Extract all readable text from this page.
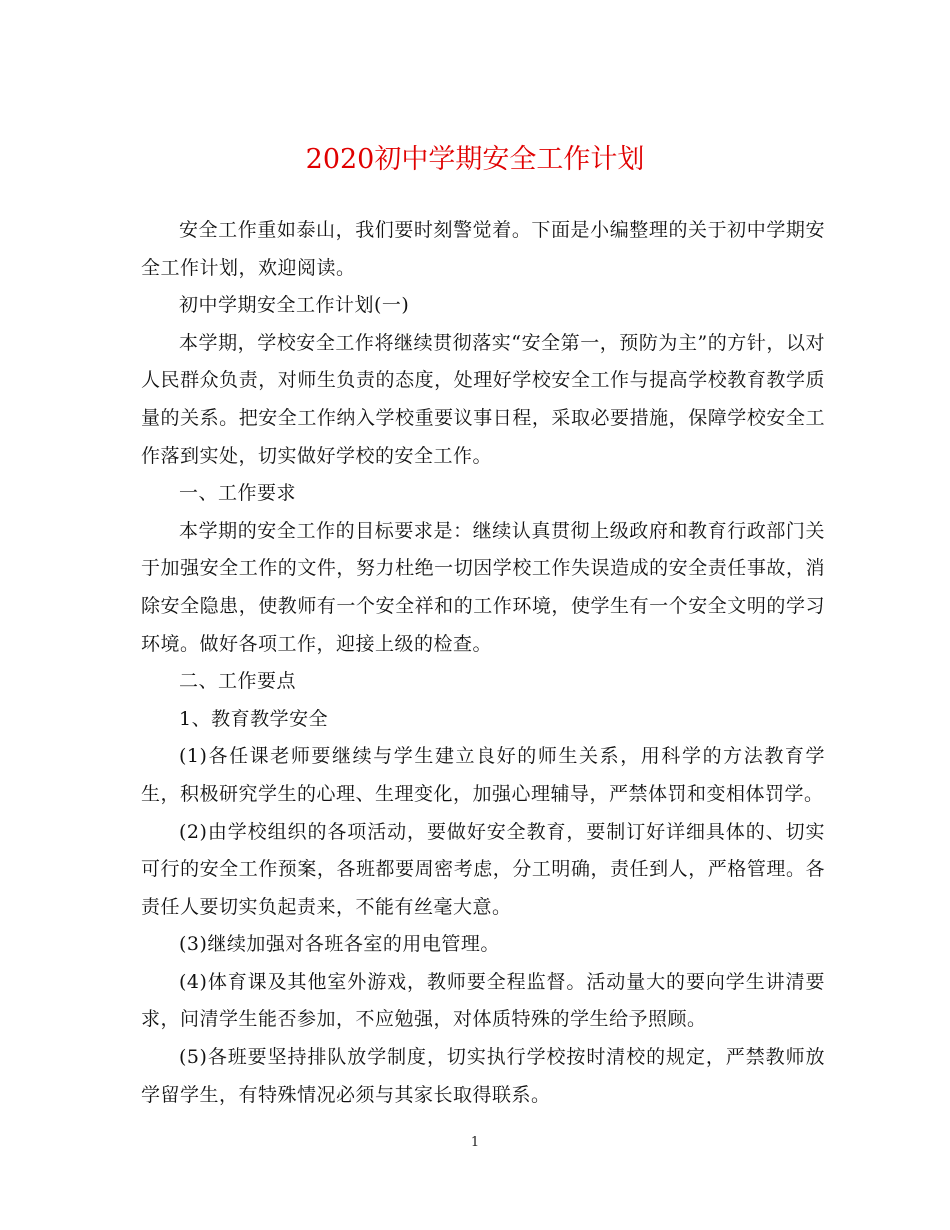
2020初中学期安全工作计划

安全工作重如泰山，我们要时刻警觉着。下面是小编整理的关于初中学期安全工作计划，欢迎阅读。

初中学期安全工作计划(一)

本学期，学校安全工作将继续贯彻落实“安全第一，预防为主”的方针，以对人民群众负责，对师生负责的态度，处理好学校安全工作与提高学校教育教学质量的关系。把安全工作纳入学校重要议事日程，采取必要措施，保障学校安全工作落到实处，切实做好学校的安全工作。

一、工作要求

本学期的安全工作的目标要求是：继续认真贯彻上级政府和教育行政部门关于加强安全工作的文件，努力杜绝一切因学校工作失误造成的安全责任事故，消除安全隐患，使教师有一个安全祥和的工作环境，使学生有一个安全文明的学习环境。做好各项工作，迎接上级的检查。

二、工作要点

1、教育教学安全

(1)各任课老师要继续与学生建立良好的师生关系，用科学的方法教育学生，积极研究学生的心理、生理变化，加强心理辅导，严禁体罚和变相体罚学。

(2)由学校组织的各项活动，要做好安全教育，要制订好详细具体的、切实可行的安全工作预案，各班都要周密考虑，分工明确，责任到人，严格管理。各责任人要切实负起责来，不能有丝毫大意。

(3)继续加强对各班各室的用电管理。

(4)体育课及其他室外游戏，教师要全程监督。活动量大的要向学生讲清要求，问清学生能否参加，不应勉强，对体质特殊的学生给予照顾。

(5)各班要坚持排队放学制度，切实执行学校按时清校的规定，严禁教师放学留学生，有特殊情况必须与其家长取得联系。

1
